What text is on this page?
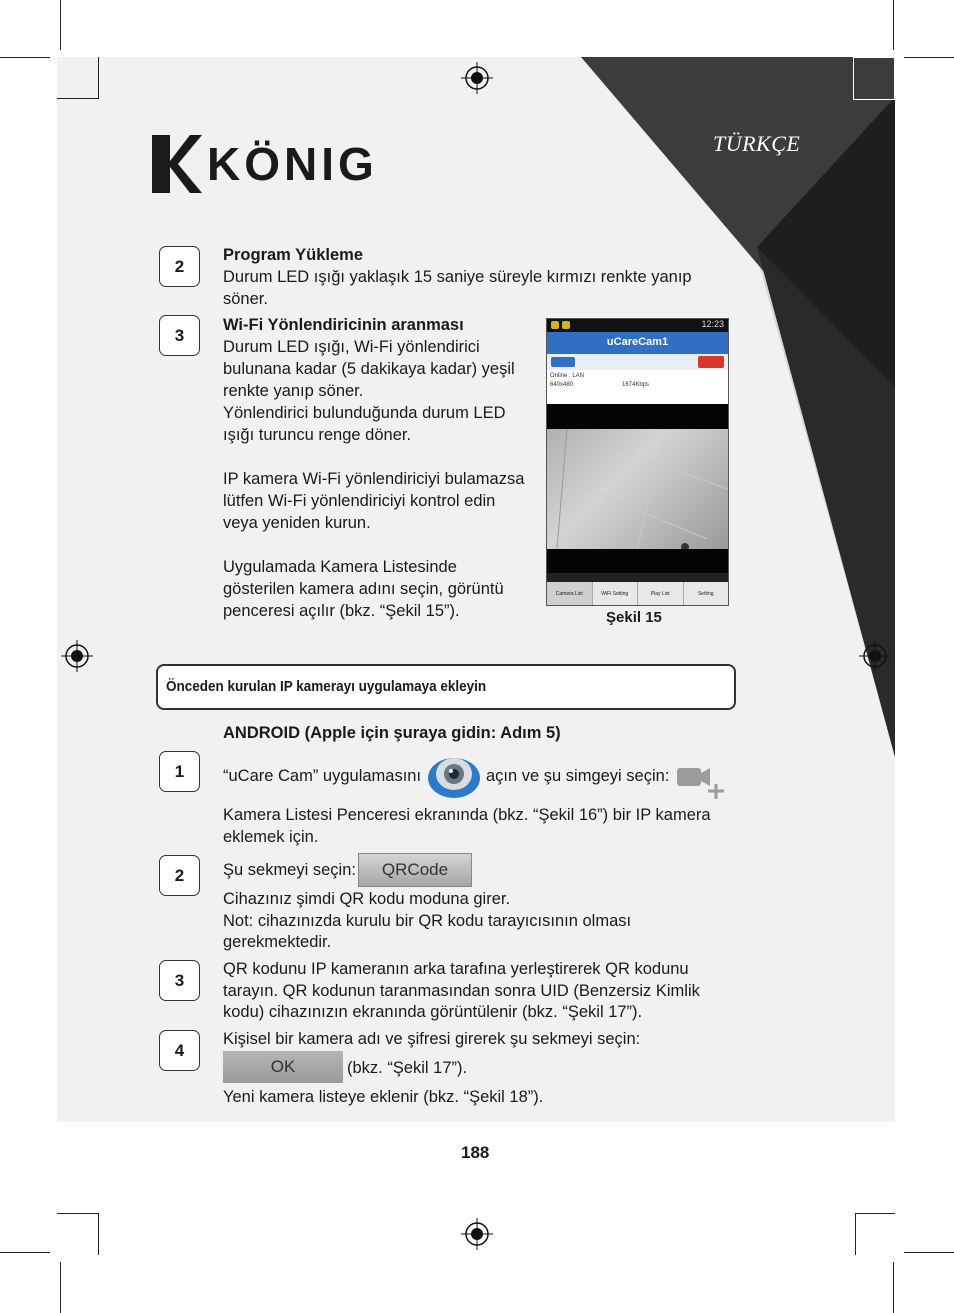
KÖNIG	TÜRKÇE
2
Program Yükleme
Durum LED ışığı yaklaşık 15 saniye süreyle kırmızı renkte yanıp
söner.
3
Wi-Fi Yönlendiricinin aranması
Durum LED ışığı, Wi-Fi yönlendirici
bulunana kadar (5 dakikaya kadar) yeşil
renkte yanıp söner.
Yönlendirici bulunduğunda durum LED
ışığı turuncu renge döner.
IP kamera Wi-Fi yönlendiriciyi bulamazsa
lütfen Wi-Fi yönlendiriciyi kontrol edin
veya yeniden kurun.
Uygulamada Kamera Listesinde
gösterilen kamera adını seçin, görüntü
penceresi açılır (bkz. “Şekil 15”).
12:23
uCareCam1
Online : LAN
640x480	1674Kbps
Camera List	WiFi Setting	Play List	Setting
Şekil 15
Önceden kurulan IP kamerayı uygulamaya ekleyin
ANDROID (Apple için şuraya gidin: Adım 5)
1	“uCare Cam” uygulamasını	açın ve şu simgeyi seçin:
Kamera Listesi Penceresi ekranında (bkz. “Şekil 16”) bir IP kamera
eklemek için.
2	Şu sekmeyi seçin:	QRCode
Cihazınız şimdi QR kodu moduna girer.
Not: cihazınızda kurulu bir QR kodu tarayıcısının olması
gerekmektedir.
3
QR kodunu IP kameranın arka tarafına yerleştirerek QR kodunu
tarayın. QR kodunun taranmasından sonra UID (Benzersiz Kimlik
kodu) cihazınızın ekranında görüntülenir (bkz. “Şekil 17”).
4
Kişisel bir kamera adı ve şifresi girerek şu sekmeyi seçin:
OK	(bkz. “Şekil 17”).
Yeni kamera listeye eklenir (bkz. “Şekil 18”).
188
